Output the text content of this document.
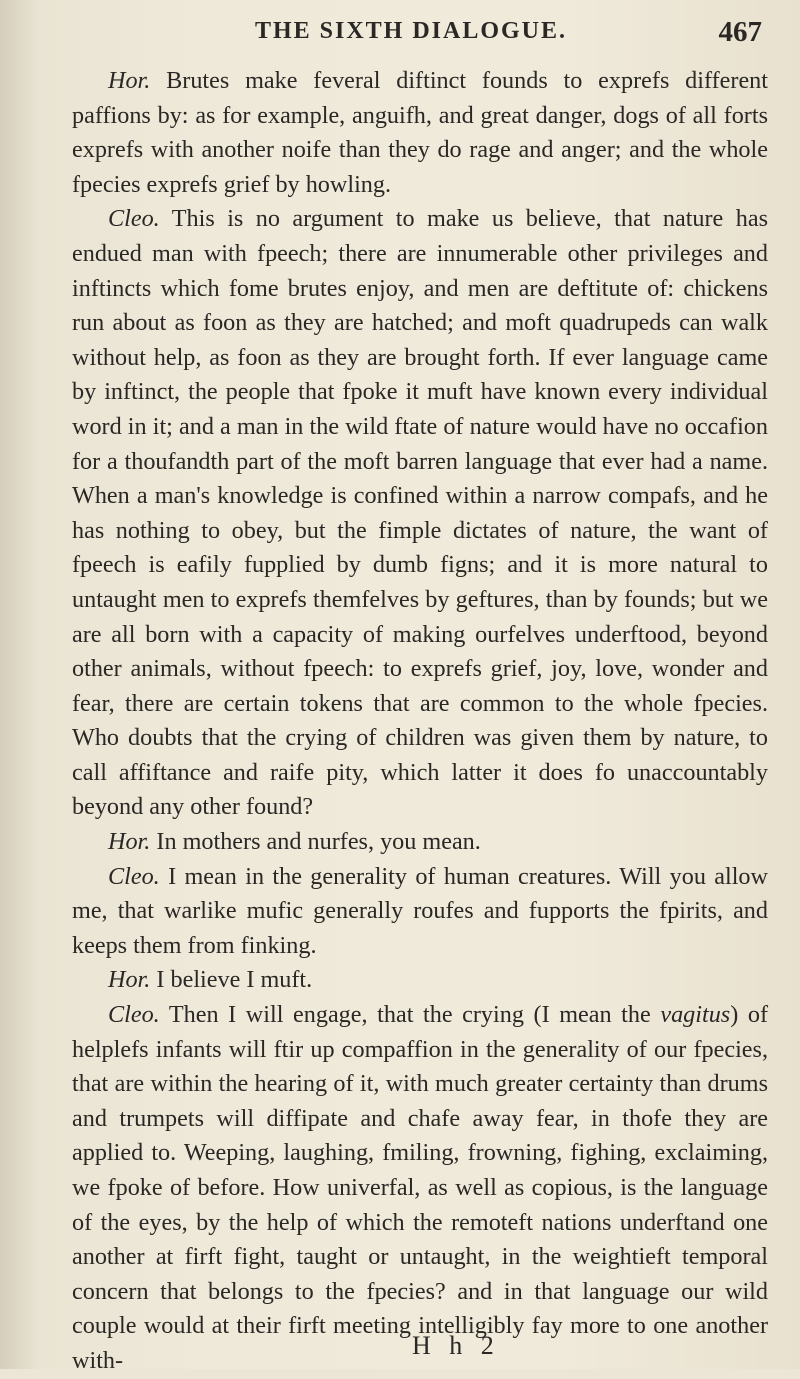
THE SIXTH DIALOGUE.	467

Hor. Brutes make feveral diftinct founds to exprefs different paffions by: as for example, anguifh, and great danger, dogs of all forts exprefs with another noife than they do rage and anger; and the whole fpecies exprefs grief by howling.

Cleo. This is no argument to make us believe, that nature has endued man with fpeech; there are innumerable other privileges and inftincts which fome brutes enjoy, and men are deftitute of: chickens run about as foon as they are hatched; and moft quadrupeds can walk without help, as foon as they are brought forth. If ever language came by inftinct, the people that fpoke it muft have known every individual word in it; and a man in the wild ftate of nature would have no occafion for a thoufandth part of the moft barren language that ever had a name. When a man's knowledge is confined within a narrow compafs, and he has nothing to obey, but the fimple dictates of nature, the want of fpeech is eafily fupplied by dumb figns; and it is more natural to untaught men to exprefs themfelves by geftures, than by founds; but we are all born with a capacity of making ourfelves underftood, beyond other animals, without fpeech: to exprefs grief, joy, love, wonder and fear, there are certain tokens that are common to the whole fpecies. Who doubts that the crying of children was given them by nature, to call affiftance and raife pity, which latter it does fo unaccountably beyond any other found?

Hor. In mothers and nurfes, you mean.

Cleo. I mean in the generality of human creatures. Will you allow me, that warlike mufic generally roufes and fupports the fpirits, and keeps them from finking.

Hor. I believe I muft.

Cleo. Then I will engage, that the crying (I mean the vagitus) of helplefs infants will ftir up compaffion in the generality of our fpecies, that are within the hearing of it, with much greater certainty than drums and trumpets will diffipate and chafe away fear, in thofe they are applied to. Weeping, laughing, fmiling, frowning, fighing, exclaiming, we fpoke of before. How univerfal, as well as copious, is the language of the eyes, by the help of which the remoteft nations underftand one another at firft fight, taught or untaught, in the weightieft temporal concern that belongs to the fpecies? and in that language our wild couple would at their firft meeting intelligibly fay more to one another with-

H h 2
